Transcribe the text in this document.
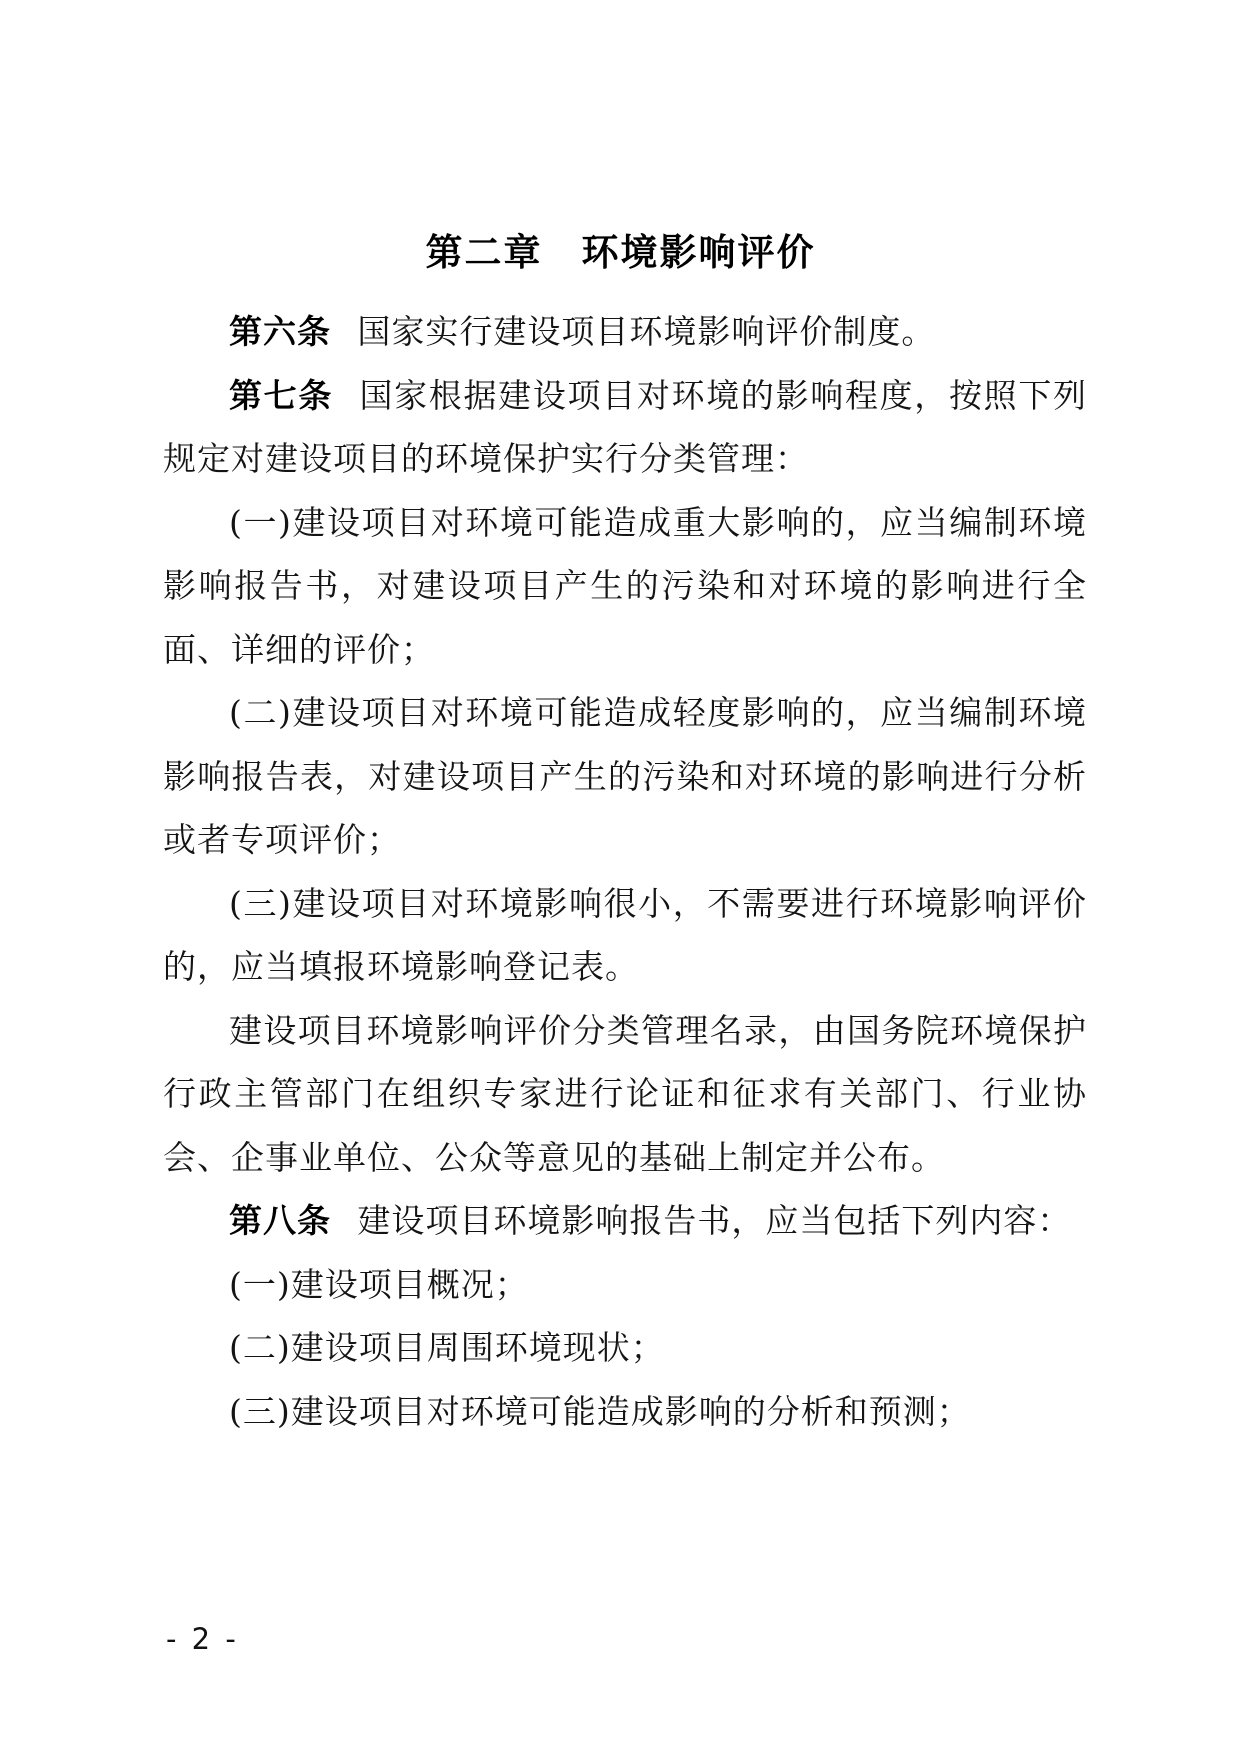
第二章　环境影响评价

第六条 国家实行建设项目环境影响评价制度。

第七条 国家根据建设项目对环境的影响程度，按照下列规定对建设项目的环境保护实行分类管理：

(一)建设项目对环境可能造成重大影响的，应当编制环境影响报告书，对建设项目产生的污染和对环境的影响进行全面、详细的评价；

(二)建设项目对环境可能造成轻度影响的，应当编制环境影响报告表，对建设项目产生的污染和对环境的影响进行分析或者专项评价；

(三)建设项目对环境影响很小，不需要进行环境影响评价的，应当填报环境影响登记表。

建设项目环境影响评价分类管理名录，由国务院环境保护行政主管部门在组织专家进行论证和征求有关部门、行业协会、企事业单位、公众等意见的基础上制定并公布。

第八条 建设项目环境影响报告书，应当包括下列内容：

(一)建设项目概况；

(二)建设项目周围环境现状；

(三)建设项目对环境可能造成影响的分析和预测；

- 2 -
